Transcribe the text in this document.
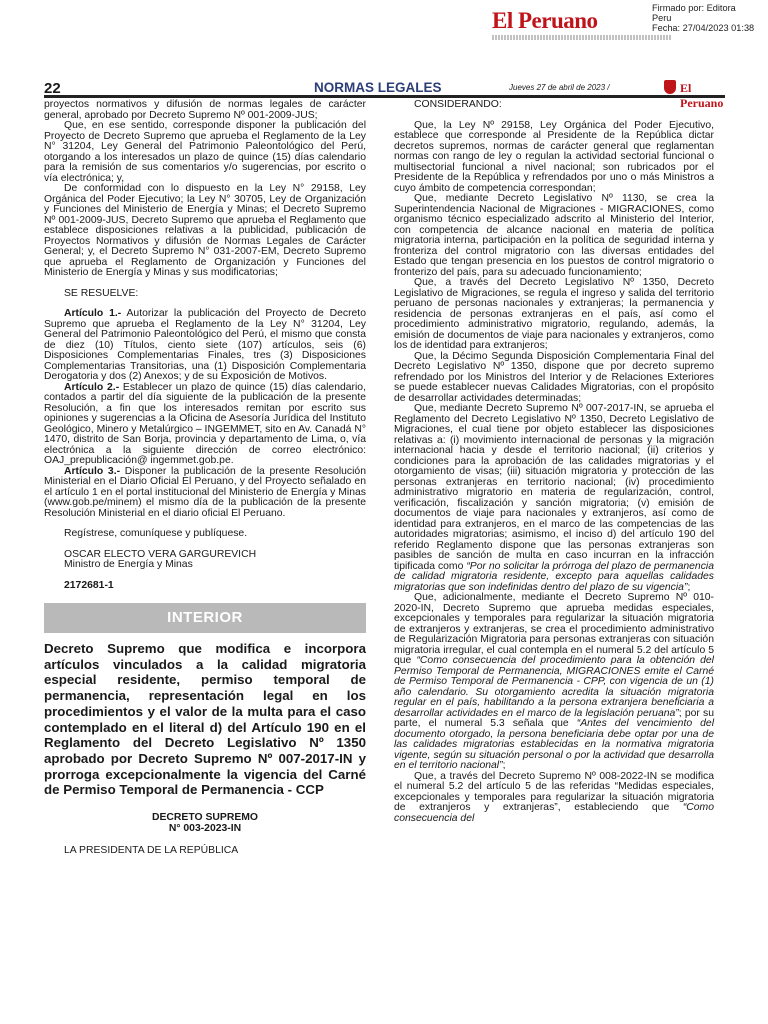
El Peruano	Firmado por: Editora
Peru
Fecha: 27/04/2023 01:38
22	NORMAS LEGALES	Jueves 27 de abril de 2023 /	El Peruano

proyectos normativos y difusión de normas legales de carácter general, aprobado por Decreto Supremo Nº 001-2009-JUS;

Que, en ese sentido, corresponde disponer la publicación del Proyecto de Decreto Supremo que aprueba el Reglamento de la Ley N° 31204, Ley General del Patrimonio Paleontológico del Perú, otorgando a los interesados un plazo de quince (15) días calendario para la remisión de sus comentarios y/o sugerencias, por escrito o vía electrónica; y,

De conformidad con lo dispuesto en la Ley N° 29158, Ley Orgánica del Poder Ejecutivo; la Ley N° 30705, Ley de Organización y Funciones del Ministerio de Energía y Minas; el Decreto Supremo Nº 001-2009-JUS, Decreto Supremo que aprueba el Reglamento que establece disposiciones relativas a la publicidad, publicación de Proyectos Normativos y difusión de Normas Legales de Carácter General; y, el Decreto Supremo N° 031-2007-EM, Decreto Supremo que aprueba el Reglamento de Organización y Funciones del Ministerio de Energía y Minas y sus modificatorias;

SE RESUELVE:

Artículo 1.- Autorizar la publicación del Proyecto de Decreto Supremo que aprueba el Reglamento de la Ley N° 31204, Ley General del Patrimonio Paleontológico del Perú, el mismo que consta de diez (10) Títulos, ciento siete (107) artículos, seis (6) Disposiciones Complementarias Finales, tres (3) Disposiciones Complementarias Transitorias, una (1) Disposición Complementaria Derogatoria y dos (2) Anexos; y de su Exposición de Motivos.

Artículo 2.- Establecer un plazo de quince (15) días calendario, contados a partir del día siguiente de la publicación de la presente Resolución, a fin que los interesados remitan por escrito sus opiniones y sugerencias a la Oficina de Asesoría Jurídica del Instituto Geológico, Minero y Metalúrgico – INGEMMET, sito en Av. Canadá N° 1470, distrito de San Borja, provincia y departamento de Lima, o, vía electrónica a la siguiente dirección de correo electrónico: OAJ_prepublicación@ ingemmet.gob.pe.

Artículo 3.- Disponer la publicación de la presente Resolución Ministerial en el Diario Oficial El Peruano, y del Proyecto señalado en el artículo 1 en el portal institucional del Ministerio de Energía y Minas (www.gob.pe/minem) el mismo día de la publicación de la presente Resolución Ministerial en el diario oficial El Peruano.

Regístrese, comuníquese y publíquese.

OSCAR ELECTO VERA GARGUREVICH

Ministro de Energía y Minas

2172681-1

INTERIOR
Decreto Supremo que modifica e incorpora artículos vinculados a la calidad migratoria especial residente, permiso temporal de permanencia, representación legal en los procedimientos y el valor de la multa para el caso contemplado en el literal d) del Artículo 190 en el Reglamento del Decreto Legislativo Nº 1350 aprobado por Decreto Supremo Nº 007-2017-IN y prorroga excepcionalmente la vigencia del Carné de Permiso Temporal de Permanencia - CCP
DECRETO SUPREMO
N° 003-2023-IN
LA PRESIDENTA DE LA REPÚBLICA

CONSIDERANDO:

Que, la Ley Nº 29158, Ley Orgánica del Poder Ejecutivo, establece que corresponde al Presidente de la República dictar decretos supremos, normas de carácter general que reglamentan normas con rango de ley o regulan la actividad sectorial funcional o multisectorial funcional a nivel nacional; son rubricados por el Presidente de la República y refrendados por uno o más Ministros a cuyo ámbito de competencia correspondan;

Que, mediante Decreto Legislativo Nº 1130, se crea la Superintendencia Nacional de Migraciones - MIGRACIONES, como organismo técnico especializado adscrito al Ministerio del Interior, con competencia de alcance nacional en materia de política migratoria interna, participación en la política de seguridad interna y fronteriza del control migratorio con las diversas entidades del Estado que tengan presencia en los puestos de control migratorio o fronterizo del país, para su adecuado funcionamiento;

Que, a través del Decreto Legislativo Nº 1350, Decreto Legislativo de Migraciones, se regula el ingreso y salida del territorio peruano de personas nacionales y extranjeras; la permanencia y residencia de personas extranjeras en el país, así como el procedimiento administrativo migratorio, regulando, además, la emisión de documentos de viaje para nacionales y extranjeros, como los de identidad para extranjeros;

Que, la Décimo Segunda Disposición Complementaria Final del Decreto Legislativo Nº 1350, dispone que por decreto supremo refrendado por los Ministros del Interior y de Relaciones Exteriores se puede establecer nuevas Calidades Migratorias, con el propósito de desarrollar actividades determinadas;

Que, mediante Decreto Supremo Nº 007-2017-IN, se aprueba el Reglamento del Decreto Legislativo Nº 1350, Decreto Legislativo de Migraciones, el cual tiene por objeto establecer las disposiciones relativas a: (i) movimiento internacional de personas y la migración internacional hacia y desde el territorio nacional; (ii) criterios y condiciones para la aprobación de las calidades migratorias y el otorgamiento de visas; (iii) situación migratoria y protección de las personas extranjeras en territorio nacional; (iv) procedimiento administrativo migratorio en materia de regularización, control, verificación, fiscalización y sanción migratoria; (v) emisión de documentos de viaje para nacionales y extranjeros, así como de identidad para extranjeros, en el marco de las competencias de las autoridades migratorias; asimismo, el inciso d) del artículo 190 del referido Reglamento dispone que las personas extranjeras son pasibles de sanción de multa en caso incurran en la infracción tipificada como “Por no solicitar la prórroga del plazo de permanencia de calidad migratoria residente, excepto para aquellas calidades migratorias que son indefinidas dentro del plazo de su vigencia”;

Que, adicionalmente, mediante el Decreto Supremo Nº 010-2020-IN, Decreto Supremo que aprueba medidas especiales, excepcionales y temporales para regularizar la situación migratoria de extranjeros y extranjeras, se crea el procedimiento administrativo de Regularización Migratoria para personas extranjeras con situación migratoria irregular, el cual contempla en el numeral 5.2 del artículo 5 que “Como consecuencia del procedimiento para la obtención del Permiso Temporal de Permanencia, MIGRACIONES emite el Carné de Permiso Temporal de Permanencia - CPP, con vigencia de un (1) año calendario. Su otorgamiento acredita la situación migratoria regular en el país, habilitando a la persona extranjera beneficiaria a desarrollar actividades en el marco de la legislación peruana”; por su parte, el numeral 5.3 señala que “Antes del vencimiento del documento otorgado, la persona beneficiaria debe optar por una de las calidades migratorias establecidas en la normativa migratoria vigente, según su situación personal o por la actividad que desarrolla en el territorio nacional”;

Que, a través del Decreto Supremo Nº 008-2022-IN se modifica el numeral 5.2 del artículo 5 de las referidas “Medidas especiales, excepcionales y temporales para regularizar la situación migratoria de extranjeros y extranjeras”, estableciendo que “Como consecuencia del
